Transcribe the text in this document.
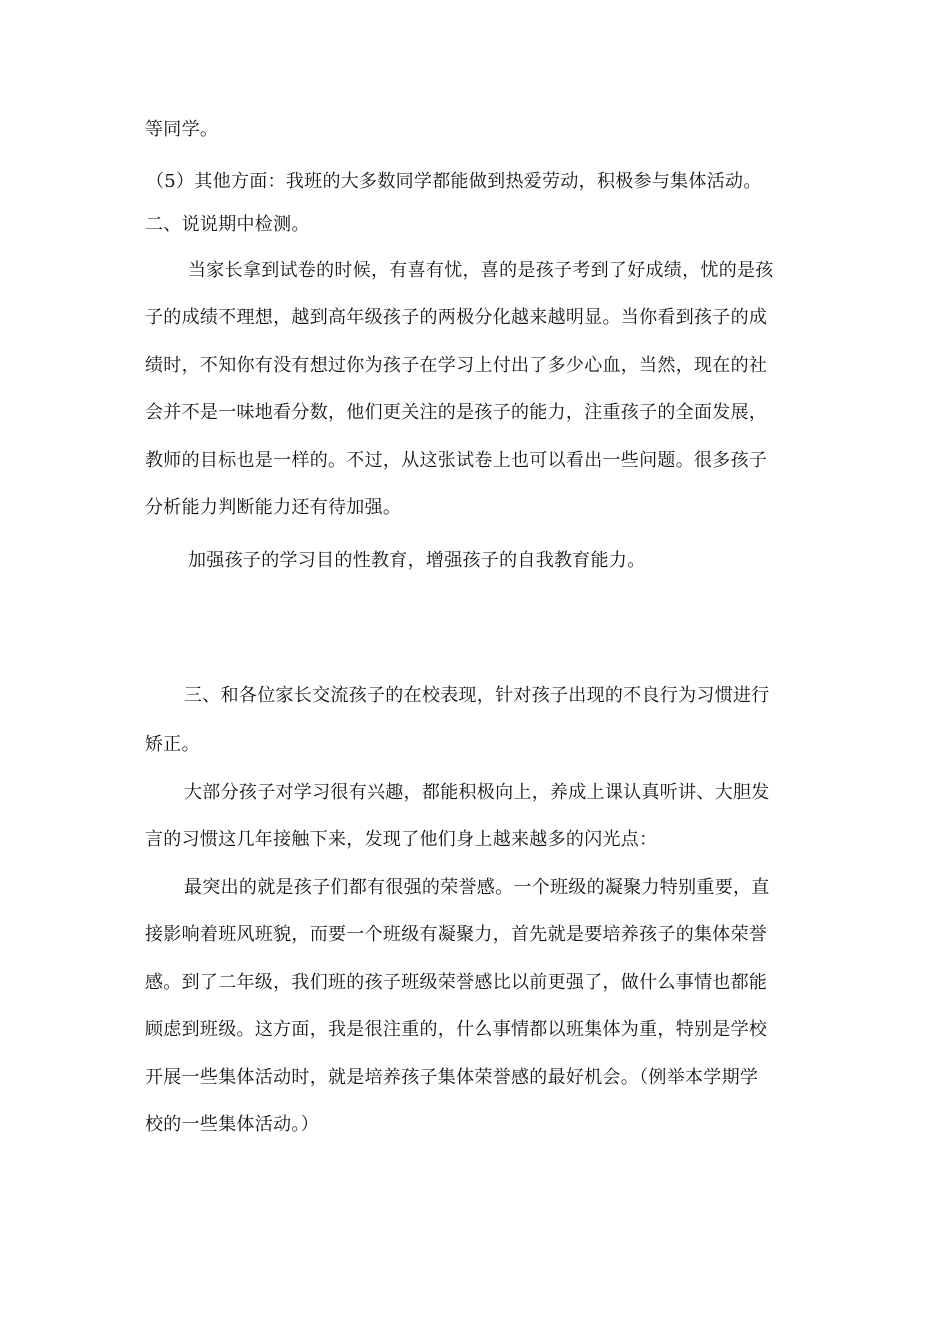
等同学。
（5）其他方面：我班的大多数同学都能做到热爱劳动，积极参与集体活动。
二、说说期中检测。
当家长拿到试卷的时候，有喜有忧，喜的是孩子考到了好成绩，忧的是孩
子的成绩不理想，越到高年级孩子的两极分化越来越明显。当你看到孩子的成
绩时，不知你有没有想过你为孩子在学习上付出了多少心血，当然，现在的社
会并不是一味地看分数，他们更关注的是孩子的能力，注重孩子的全面发展，
教师的目标也是一样的。不过，从这张试卷上也可以看出一些问题。很多孩子
分析能力判断能力还有待加强。
加强孩子的学习目的性教育，增强孩子的自我教育能力。
三、和各位家长交流孩子的在校表现，针对孩子出现的不良行为习惯进行
矫正。
大部分孩子对学习很有兴趣，都能积极向上，养成上课认真听讲、大胆发
言的习惯这几年接触下来，发现了他们身上越来越多的闪光点：
最突出的就是孩子们都有很强的荣誉感。一个班级的凝聚力特别重要，直
接影响着班风班貌，而要一个班级有凝聚力，首先就是要培养孩子的集体荣誉
感。到了二年级，我们班的孩子班级荣誉感比以前更强了，做什么事情也都能
顾虑到班级。这方面，我是很注重的，什么事情都以班集体为重，特别是学校
开展一些集体活动时，就是培养孩子集体荣誉感的最好机会。（例举本学期学
校的一些集体活动。）
